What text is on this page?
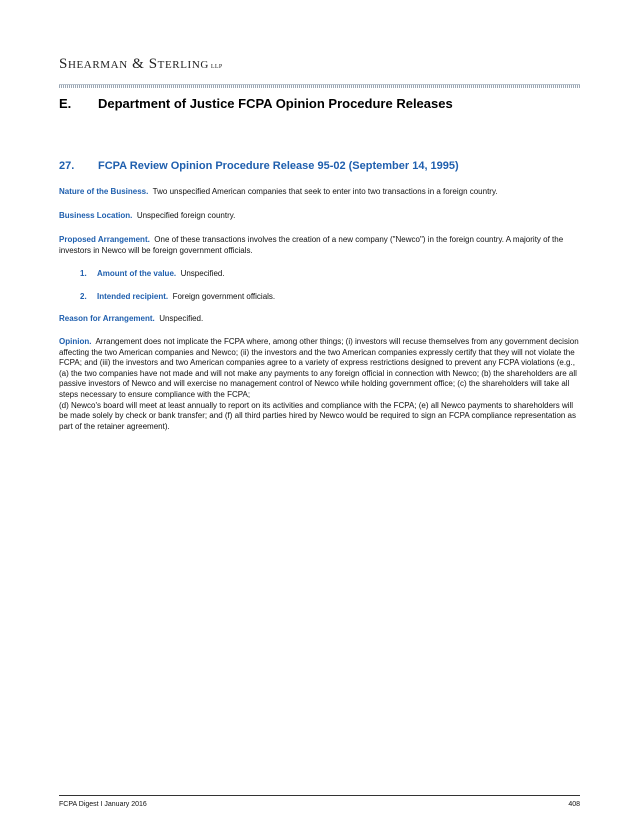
Shearman & Sterling LLP
E. Department of Justice FCPA Opinion Procedure Releases
27. FCPA Review Opinion Procedure Release 95-02 (September 14, 1995)
Nature of the Business. Two unspecified American companies that seek to enter into two transactions in a foreign country.
Business Location. Unspecified foreign country.
Proposed Arrangement. One of these transactions involves the creation of a new company ("Newco") in the foreign country. A majority of the investors in Newco will be foreign government officials.
1. Amount of the value. Unspecified.
2. Intended recipient. Foreign government officials.
Reason for Arrangement. Unspecified.
Opinion. Arrangement does not implicate the FCPA where, among other things; (i) investors will recuse themselves from any government decision affecting the two American companies and Newco; (ii) the investors and the two American companies expressly certify that they will not violate the FCPA; and (iii) the investors and two American companies agree to a variety of express restrictions designed to prevent any FCPA violations (e.g., (a) the two companies have not made and will not make any payments to any foreign official in connection with Newco; (b) the shareholders are all passive investors of Newco and will exercise no management control of Newco while holding government office; (c) the shareholders will take all steps necessary to ensure compliance with the FCPA;
(d) Newco's board will meet at least annually to report on its activities and compliance with the FCPA; (e) all Newco payments to shareholders will be made solely by check or bank transfer; and (f) all third parties hired by Newco would be required to sign an FCPA compliance representation as part of the retainer agreement).
FCPA Digest I January 2016	408
